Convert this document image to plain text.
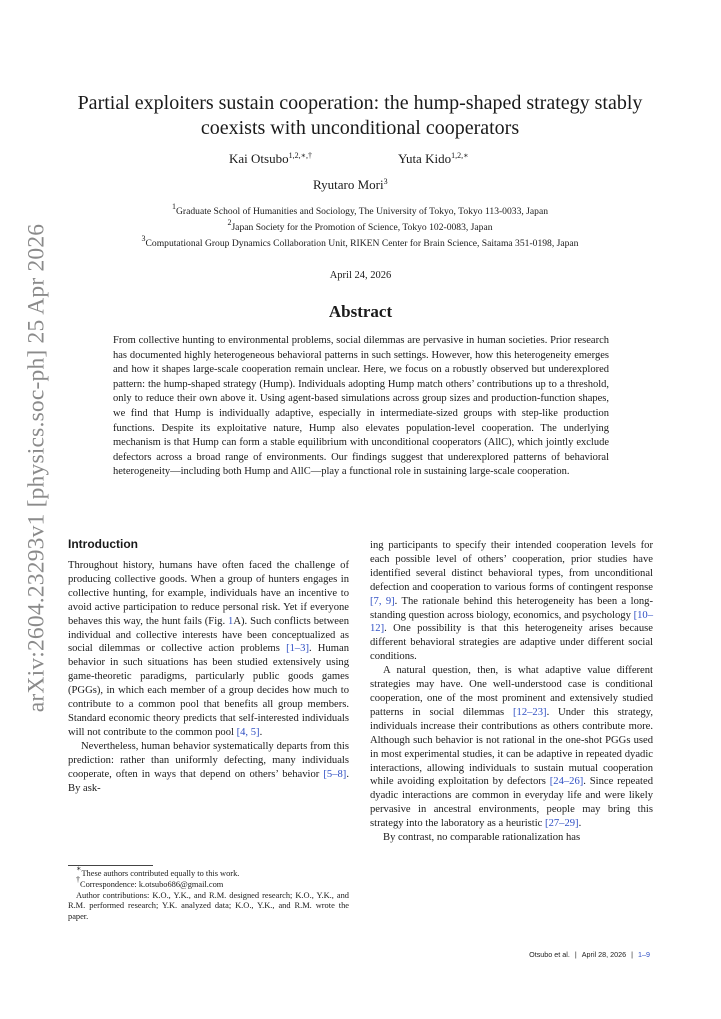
arXiv:2604.23293v1 [physics.soc-ph] 25 Apr 2026
Partial exploiters sustain cooperation: the hump-shaped strategy stably coexists with unconditional cooperators
Kai Otsubo$^{1,2,∗,\dagger}$	Yuta Kido$^{1,2,∗}$
Ryutaro Mori$^3$
$^1$Graduate School of Humanities and Sociology, The University of Tokyo, Tokyo 113-0033, Japan
$^2$Japan Society for the Promotion of Science, Tokyo 102-0083, Japan
$^3$Computational Group Dynamics Collaboration Unit, RIKEN Center for Brain Science, Saitama 351-0198, Japan
April 24, 2026
Abstract

From collective hunting to environmental problems, social dilemmas are pervasive in human societies. Prior research has documented highly heterogeneous behavioral patterns in such settings. However, how this heterogeneity emerges and how it shapes large-scale cooperation remain unclear. Here, we focus on a robustly observed but underexplored pattern: the hump-shaped strategy (Hump). Individuals adopting Hump match others’ contributions up to a threshold, only to reduce their own above it. Using agent-based simulations across group sizes and production-function shapes, we find that Hump is individually adaptive, especially in intermediate-sized groups with step-like production functions. Despite its exploitative nature, Hump also elevates population-level cooperation. The underlying mechanism is that Hump can form a stable equilibrium with unconditional cooperators (AllC), which jointly exclude defectors across a broad range of environments. Our findings suggest that underexplored patterns of behavioral heterogeneity—including both Hump and AllC—play a functional role in sustaining large-scale cooperation.

Introduction

Throughout history, humans have often faced the challenge of producing collective goods. When a group of hunters engages in collective hunting, for example, individuals have an incentive to avoid active participation to reduce personal risk. Yet if everyone behaves this way, the hunt fails (Fig. 1A). Such conflicts between individual and collective interests have been conceptualized as social dilemmas or collective action problems [1–3]. Human behavior in such situations has been studied extensively using game-theoretic paradigms, particularly public goods games (PGGs), in which each member of a group decides how much to contribute to a common pool that benefits all group members. Standard economic theory predicts that self-interested individuals will not contribute to the common pool [4, 5].

Nevertheless, human behavior systematically departs from this prediction: rather than uniformly defecting, many individuals cooperate, often in ways that depend on others’ behavior [5–8]. By ask-

ing participants to specify their intended cooperation levels for each possible level of others’ cooperation, prior studies have identified several distinct behavioral types, from unconditional defection and cooperation to various forms of contingent response [7, 9]. The rationale behind this heterogeneity has been a long-standing question across biology, economics, and psychology [10–12]. One possibility is that this heterogeneity arises because different behavioral strategies are adaptive under different social conditions.

A natural question, then, is what adaptive value different strategies may have. One well-understood case is conditional cooperation, one of the most prominent and extensively studied patterns in social dilemmas [12–23]. Under this strategy, individuals increase their contributions as others contribute more. Although such behavior is not rational in the one-shot PGGs used in most experimental studies, it can be adaptive in repeated dyadic interactions, allowing individuals to sustain mutual cooperation while avoiding exploitation by defectors [24–26]. Since repeated dyadic interactions are common in everyday life and were likely pervasive in ancestral environments, people may bring this strategy into the laboratory as a heuristic [27–29].

By contrast, no comparable rationalization has

∗These authors contributed equally to this work.

†Correspondence: k.otsubo686@gmail.com

Author contributions: K.O., Y.K., and R.M. designed research; K.O., Y.K., and R.M. performed research; Y.K. analyzed data; K.O., Y.K., and R.M. wrote the paper.

Otsubo et al. | April 28, 2026 | 1–9
